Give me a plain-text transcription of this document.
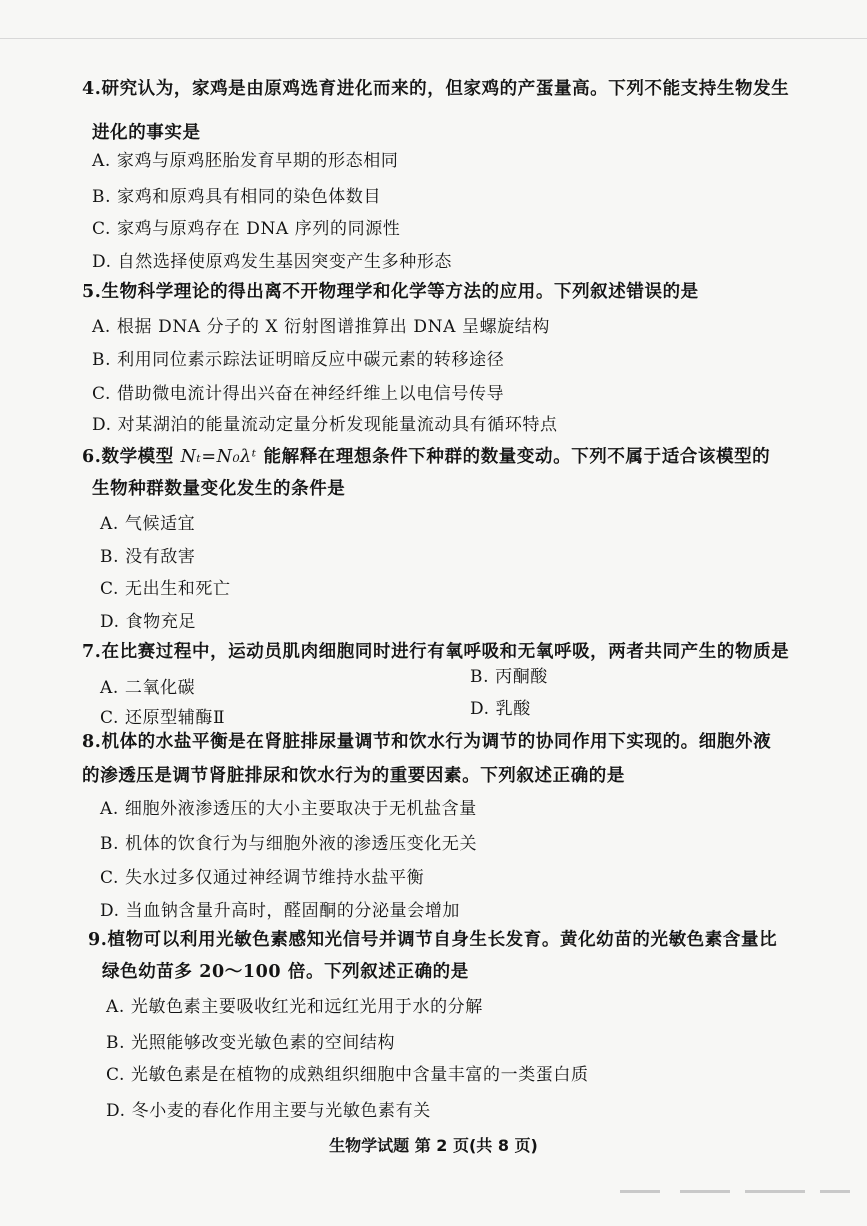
4.研究认为，家鸡是由原鸡选育进化而来的，但家鸡的产蛋量高。下列不能支持生物发生
进化的事实是
A. 家鸡与原鸡胚胎发育早期的形态相同
B. 家鸡和原鸡具有相同的染色体数目
C. 家鸡与原鸡存在 DNA 序列的同源性
D. 自然选择使原鸡发生基因突变产生多种形态
5.生物科学理论的得出离不开物理学和化学等方法的应用。下列叙述错误的是
A. 根据 DNA 分子的 X 衍射图谱推算出 DNA 呈螺旋结构
B. 利用同位素示踪法证明暗反应中碳元素的转移途径
C. 借助微电流计得出兴奋在神经纤维上以电信号传导
D. 对某湖泊的能量流动定量分析发现能量流动具有循环特点
6.数学模型 Nₜ=N₀λᵗ 能解释在理想条件下种群的数量变动。下列不属于适合该模型的
生物种群数量变化发生的条件是
A. 气候适宜
B. 没有敌害
C. 无出生和死亡
D. 食物充足
7.在比赛过程中，运动员肌肉细胞同时进行有氧呼吸和无氧呼吸，两者共同产生的物质是
A. 二氧化碳
B. 丙酮酸
C. 还原型辅酶Ⅱ	D. 乳酸
8.机体的水盐平衡是在肾脏排尿量调节和饮水行为调节的协同作用下实现的。细胞外液
的渗透压是调节肾脏排尿和饮水行为的重要因素。下列叙述正确的是
A. 细胞外液渗透压的大小主要取决于无机盐含量
B. 机体的饮食行为与细胞外液的渗透压变化无关
C. 失水过多仅通过神经调节维持水盐平衡
D. 当血钠含量升高时，醛固酮的分泌量会增加
9.植物可以利用光敏色素感知光信号并调节自身生长发育。黄化幼苗的光敏色素含量比
绿色幼苗多 20～100 倍。下列叙述正确的是
A. 光敏色素主要吸收红光和远红光用于水的分解
B. 光照能够改变光敏色素的空间结构
C. 光敏色素是在植物的成熟组织细胞中含量丰富的一类蛋白质
D. 冬小麦的春化作用主要与光敏色素有关
生物学试题 第 2 页(共 8 页)
